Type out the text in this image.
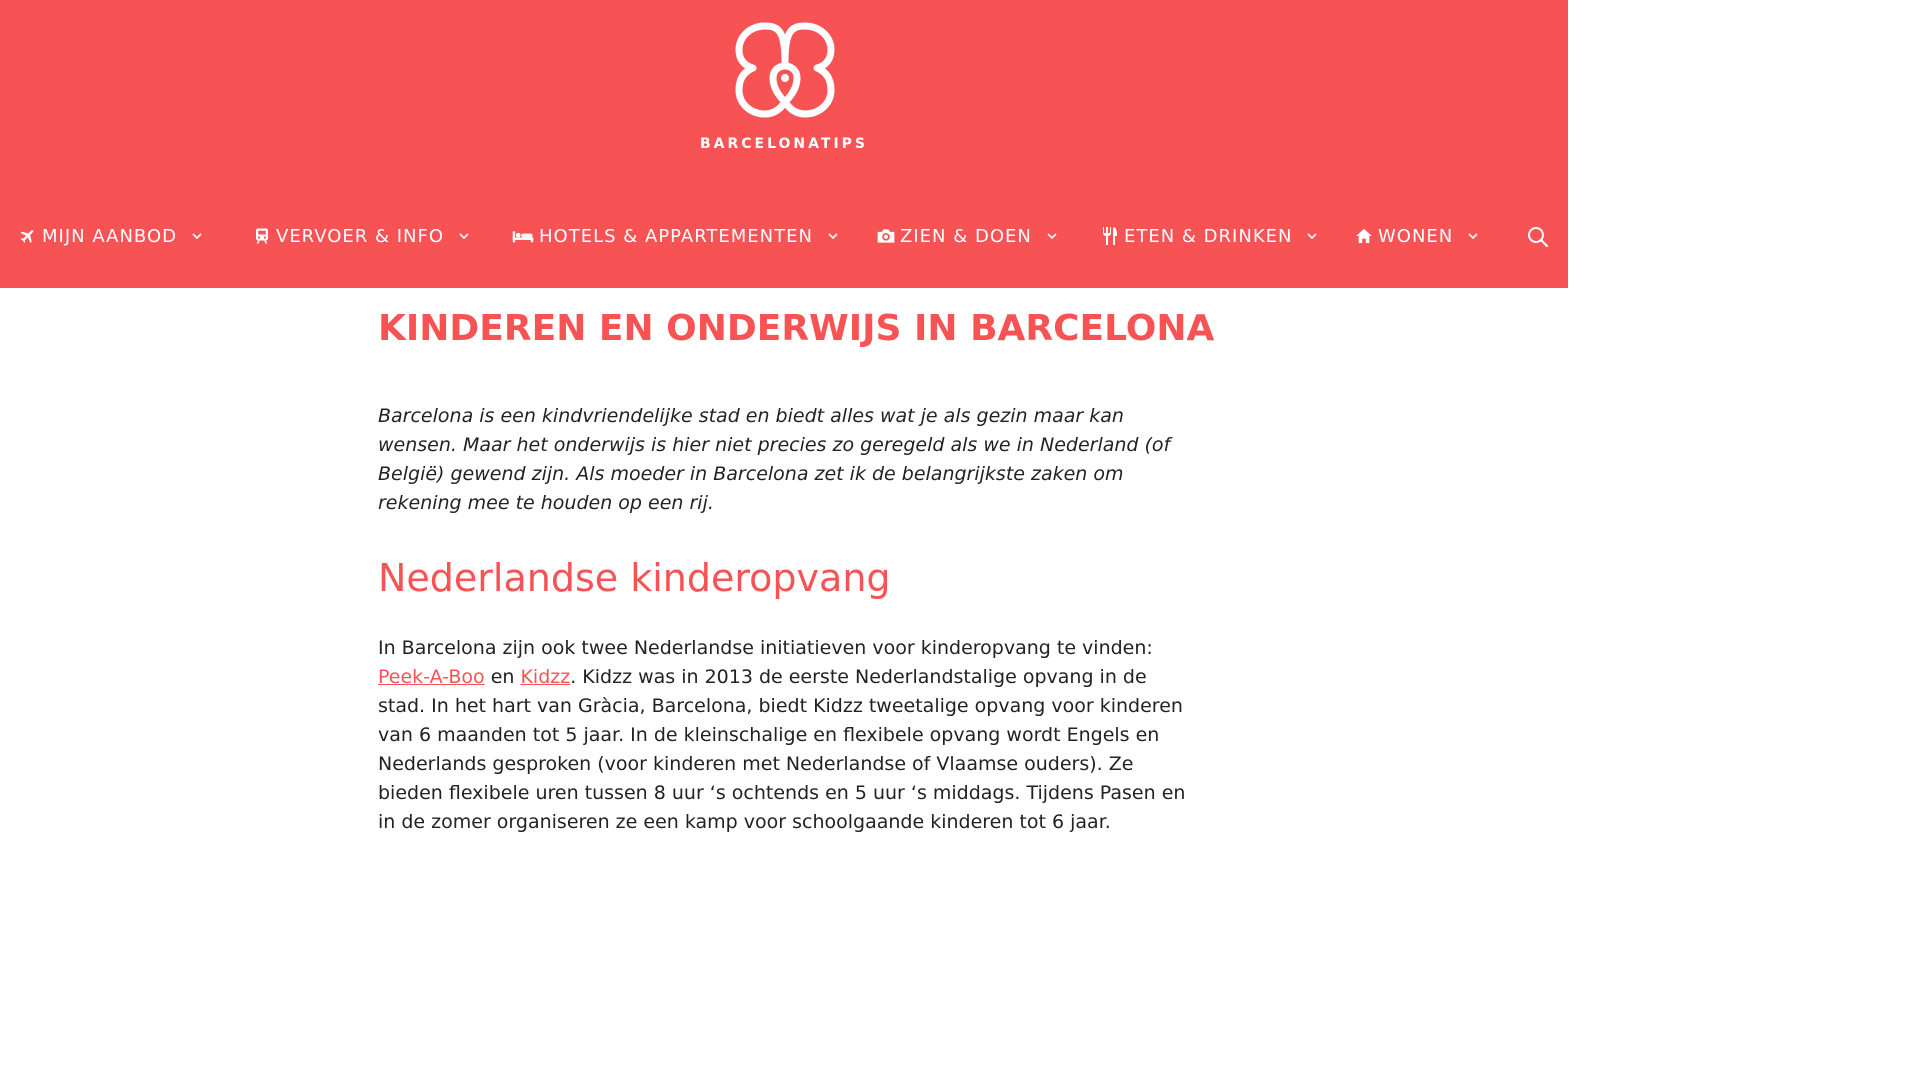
BARCELONATIPS
MIJN AANBOD	VERVOER & INFO	HOTELS & APPARTEMENTEN	ZIEN & DOEN	ETEN & DRINKEN	WONEN
KINDEREN EN ONDERWIJS IN BARCELONA

Barcelona is een kindvriendelijke stad en biedt alles wat je als gezin maar kan wensen. Maar het onderwijs is hier niet precies zo geregeld als we in Nederland (of België) gewend zijn. Als moeder in Barcelona zet ik de belangrijkste zaken om rekening mee te houden op een rij.

Nederlandse kinderopvang

In Barcelona zijn ook twee Nederlandse initiatieven voor kinderopvang te vinden: Peek-A-Boo en Kidzz. Kidzz was in 2013 de eerste Nederlandstalige opvang in de stad. In het hart van Gràcia, Barcelona, biedt Kidzz tweetalige opvang voor kinderen van 6 maanden tot 5 jaar. In de kleinschalige en flexibele opvang wordt Engels en Nederlands gesproken (voor kinderen met Nederlandse of Vlaamse ouders). Ze bieden flexibele uren tussen 8 uur ‘s ochtends en 5 uur ‘s middags. Tijdens Pasen en in de zomer organiseren ze een kamp voor schoolgaande kinderen tot 6 jaar.
